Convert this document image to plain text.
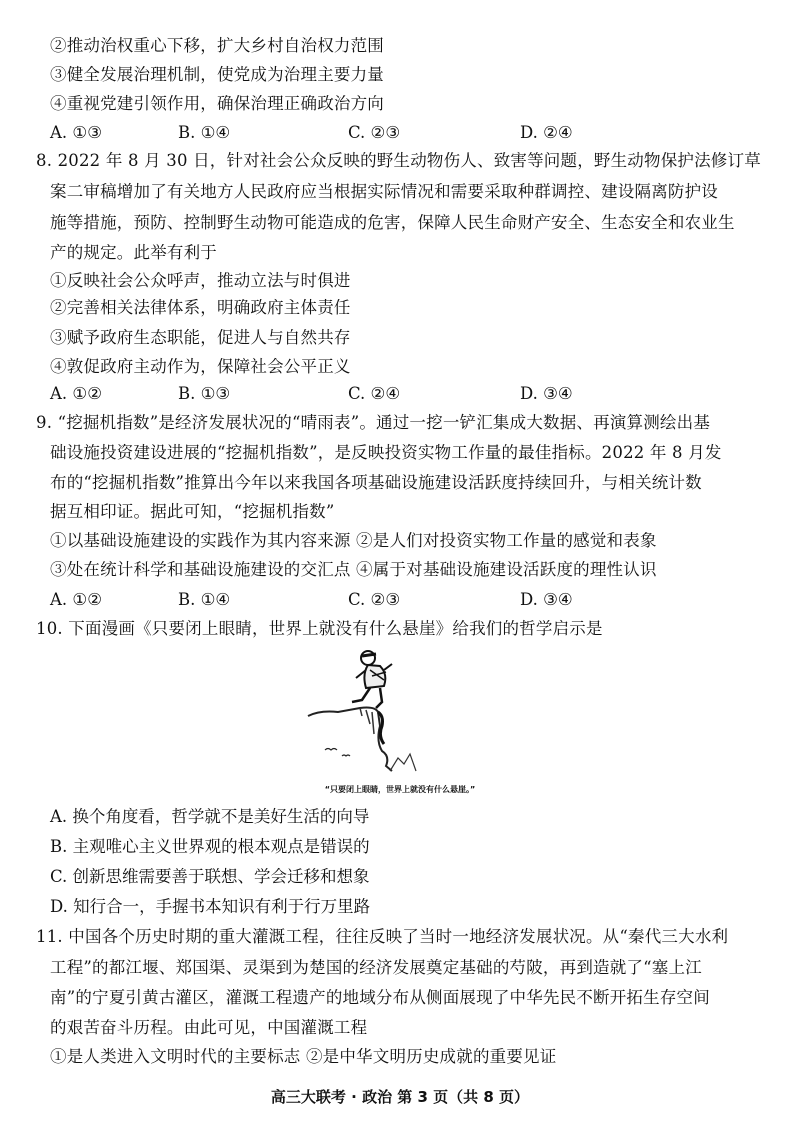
②推动治权重心下移，扩大乡村自治权力范围
③健全发展治理机制，使党成为治理主要力量
④重视党建引领作用，确保治理正确政治方向
A. ①③	B. ①④	C. ②③	D. ②④
8. 2022 年 8 月 30 日，针对社会公众反映的野生动物伤人、致害等问题，野生动物保护法修订草
案二审稿增加了有关地方人民政府应当根据实际情况和需要采取种群调控、建设隔离防护设
施等措施，预防、控制野生动物可能造成的危害，保障人民生命财产安全、生态安全和农业生
产的规定。此举有利于
①反映社会公众呼声，推动立法与时俱进
②完善相关法律体系，明确政府主体责任
③赋予政府生态职能，促进人与自然共存
④敦促政府主动作为，保障社会公平正义
A. ①②	B. ①③	C. ②④	D. ③④
9. “挖掘机指数”是经济发展状况的“晴雨表”。通过一挖一铲汇集成大数据、再演算测绘出基
础设施投资建设进展的“挖掘机指数”，是反映投资实物工作量的最佳指标。2022 年 8 月发
布的“挖掘机指数”推算出今年以来我国各项基础设施建设活跃度持续回升，与相关统计数
据互相印证。据此可知，“挖掘机指数”
①以基础设施建设的实践作为其内容来源 ②是人们对投资实物工作量的感觉和表象
③处在统计科学和基础设施建设的交汇点 ④属于对基础设施建设活跃度的理性认识
A. ①②	B. ①④	C. ②③	D. ③④
10. 下面漫画《只要闭上眼睛，世界上就没有什么悬崖》给我们的哲学启示是
“只要闭上眼睛，世界上就没有什么悬崖。”
A. 换个角度看，哲学就不是美好生活的向导
B. 主观唯心主义世界观的根本观点是错误的
C. 创新思维需要善于联想、学会迁移和想象
D. 知行合一，手握书本知识有利于行万里路
11. 中国各个历史时期的重大灌溉工程，往往反映了当时一地经济发展状况。从“秦代三大水利
工程”的都江堰、郑国渠、灵渠到为楚国的经济发展奠定基础的芍陂，再到造就了“塞上江
南”的宁夏引黄古灌区，灌溉工程遗产的地域分布从侧面展现了中华先民不断开拓生存空间
的艰苦奋斗历程。由此可见，中国灌溉工程
①是人类进入文明时代的主要标志 ②是中华文明历史成就的重要见证
高三大联考 · 政治 第 3 页（共 8 页）
